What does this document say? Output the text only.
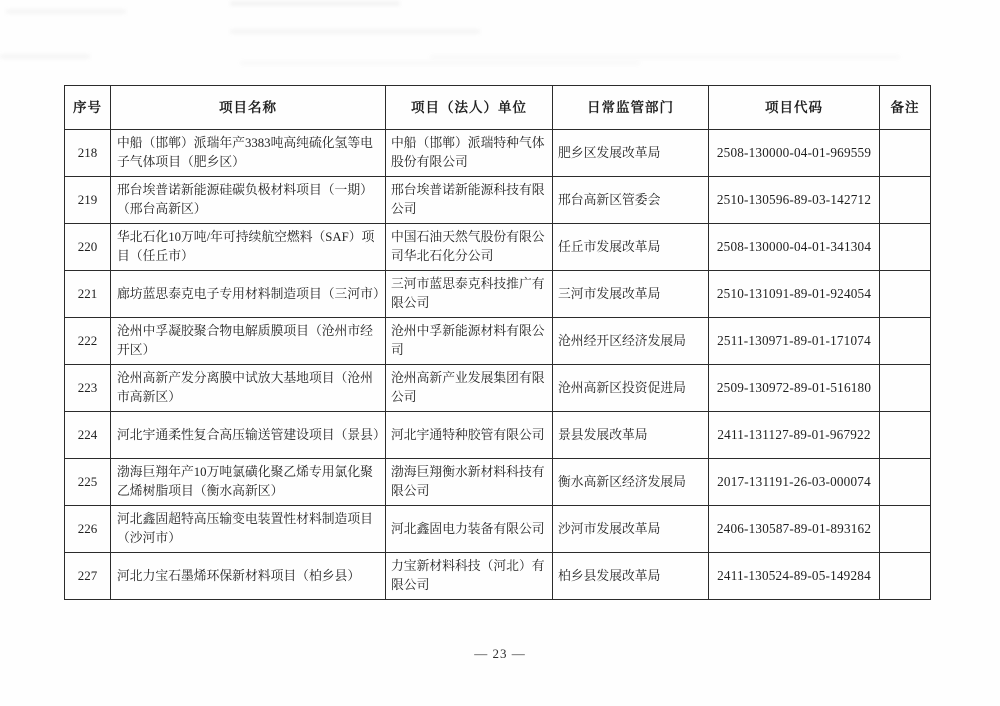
序号	项目名称	项目（法人）单位	日常监管部门	项目代码	备注
218	中船（邯郸）派瑞年产3383吨高纯硫化氢等电子气体项目（肥乡区）	中船（邯郸）派瑞特种气体股份有限公司	肥乡区发展改革局	2508-130000-04-01-969559	
219	邢台埃普诺新能源硅碳负极材料项目（一期）（邢台高新区）	邢台埃普诺新能源科技有限公司	邢台高新区管委会	2510-130596-89-03-142712	
220	华北石化10万吨/年可持续航空燃料（SAF）项目（任丘市）	中国石油天然气股份有限公司华北石化分公司	任丘市发展改革局	2508-130000-04-01-341304	
221	廊坊蓝思泰克电子专用材料制造项目（三河市）	三河市蓝思泰克科技推广有限公司	三河市发展改革局	2510-131091-89-01-924054	
222	沧州中孚凝胶聚合物电解质膜项目（沧州市经开区）	沧州中孚新能源材料有限公司	沧州经开区经济发展局	2511-130971-89-01-171074	
223	沧州高新产发分离膜中试放大基地项目（沧州市高新区）	沧州高新产业发展集团有限公司	沧州高新区投资促进局	2509-130972-89-01-516180	
224	河北宇通柔性复合高压输送管建设项目（景县）	河北宇通特种胶管有限公司	景县发展改革局	2411-131127-89-01-967922	
225	渤海巨翔年产10万吨氯磺化聚乙烯专用氯化聚乙烯树脂项目（衡水高新区）	渤海巨翔衡水新材料科技有限公司	衡水高新区经济发展局	2017-131191-26-03-000074	
226	河北鑫固超特高压输变电装置性材料制造项目（沙河市）	河北鑫固电力装备有限公司	沙河市发展改革局	2406-130587-89-01-893162	
227	河北力宝石墨烯环保新材料项目（柏乡县）	力宝新材料科技（河北）有限公司	柏乡县发展改革局	2411-130524-89-05-149284	
— 23 —
